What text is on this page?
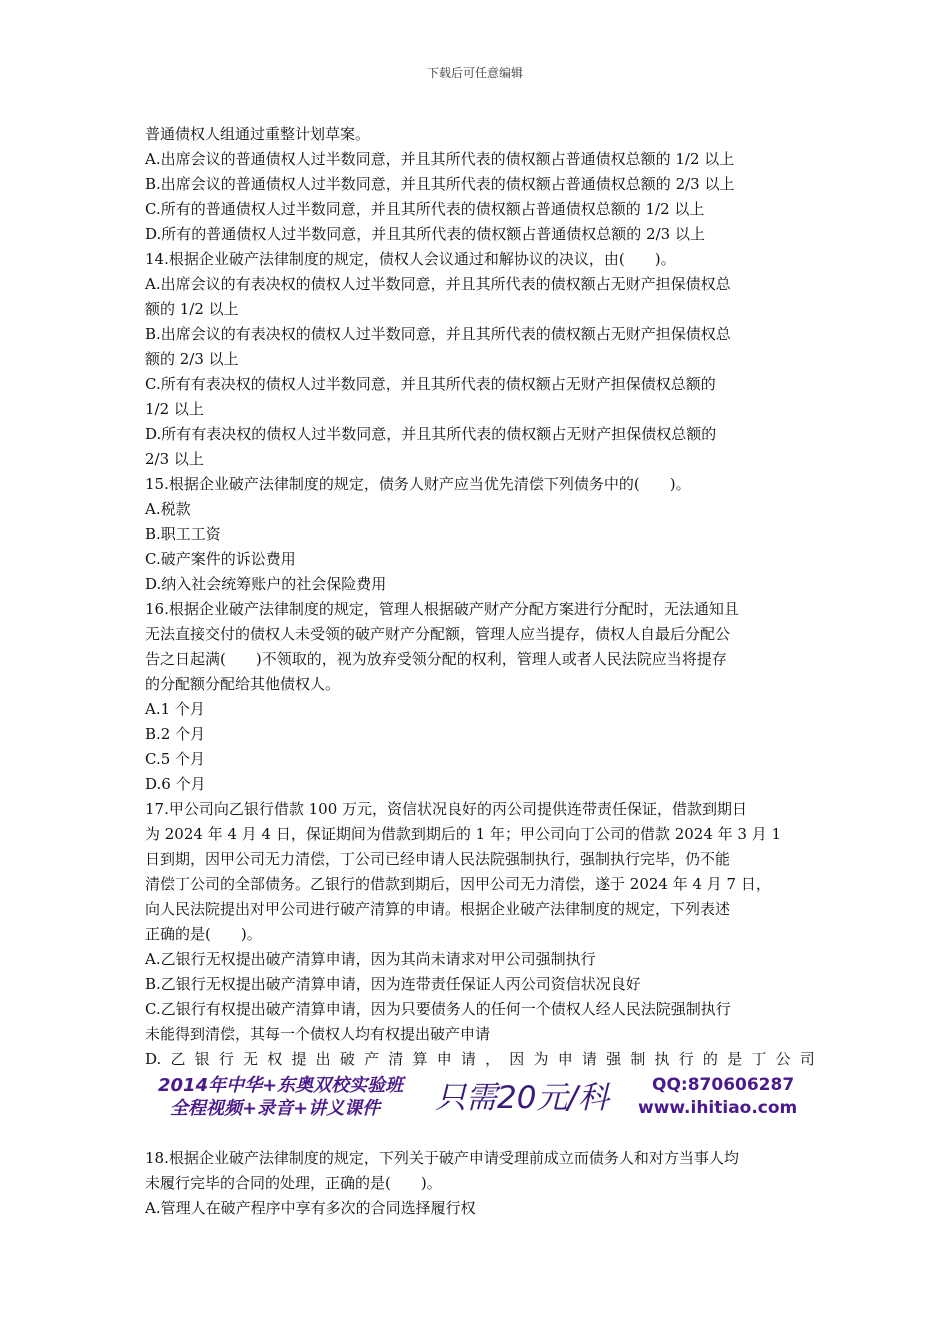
下载后可任意编辑
普通债权人组通过重整计划草案。
A.出席会议的普通债权人过半数同意，并且其所代表的债权额占普通债权总额的 1/2 以上
B.出席会议的普通债权人过半数同意，并且其所代表的债权额占普通债权总额的 2/3 以上
C.所有的普通债权人过半数同意，并且其所代表的债权额占普通债权总额的 1/2 以上
D.所有的普通债权人过半数同意，并且其所代表的债权额占普通债权总额的 2/3 以上
14.根据企业破产法律制度的规定，债权人会议通过和解协议的决议，由(　　)。
A.出席会议的有表决权的债权人过半数同意，并且其所代表的债权额占无财产担保债权总
额的 1/2 以上
B.出席会议的有表决权的债权人过半数同意，并且其所代表的债权额占无财产担保债权总
额的 2/3 以上
C.所有有表决权的债权人过半数同意，并且其所代表的债权额占无财产担保债权总额的
1/2 以上
D.所有有表决权的债权人过半数同意，并且其所代表的债权额占无财产担保债权总额的
2/3 以上
15.根据企业破产法律制度的规定，债务人财产应当优先清偿下列债务中的(　　)。
A.税款
B.职工工资
C.破产案件的诉讼费用
D.纳入社会统筹账户的社会保险费用
16.根据企业破产法律制度的规定，管理人根据破产财产分配方案进行分配时，无法通知且
无法直接交付的债权人未受领的破产财产分配额，管理人应当提存，债权人自最后分配公
告之日起满(　　)不领取的，视为放弃受领分配的权利，管理人或者人民法院应当将提存
的分配额分配给其他债权人。
A.1 个月
B.2 个月
C.5 个月
D.6 个月
17.甲公司向乙银行借款 100 万元，资信状况良好的丙公司提供连带责任保证，借款到期日
为 2024 年 4 月 4 日，保证期间为借款到期后的 1 年；甲公司向丁公司的借款 2024 年 3 月 1
日到期，因甲公司无力清偿，丁公司已经申请人民法院强制执行，强制执行完毕，仍不能
清偿丁公司的全部债务。乙银行的借款到期后，因甲公司无力清偿，遂于 2024 年 4 月 7 日，
向人民法院提出对甲公司进行破产清算的申请。根据企业破产法律制度的规定，下列表述
正确的是(　　)。
A.乙银行无权提出破产清算申请，因为其尚未请求对甲公司强制执行
B.乙银行无权提出破产清算申请，因为连带责任保证人丙公司资信状况良好
C.乙银行有权提出破产清算申请，因为只要债务人的任何一个债权人经人民法院强制执行
未能得到清偿，其每一个债权人均有权提出破产申请
D. 乙 银 行 无 权 提 出 破 产 清 算 申 请 ， 因 为 申 请 强 制 执 行 的 是 丁 公 司
2014年中华+东奥双校实验班
全程视频+录音+讲义课件	只需20元/科	QQ:870606287
www.ihitiao.com
18.根据企业破产法律制度的规定，下列关于破产申请受理前成立而债务人和对方当事人均
未履行完毕的合同的处理，正确的是(　　)。
A.管理人在破产程序中享有多次的合同选择履行权
